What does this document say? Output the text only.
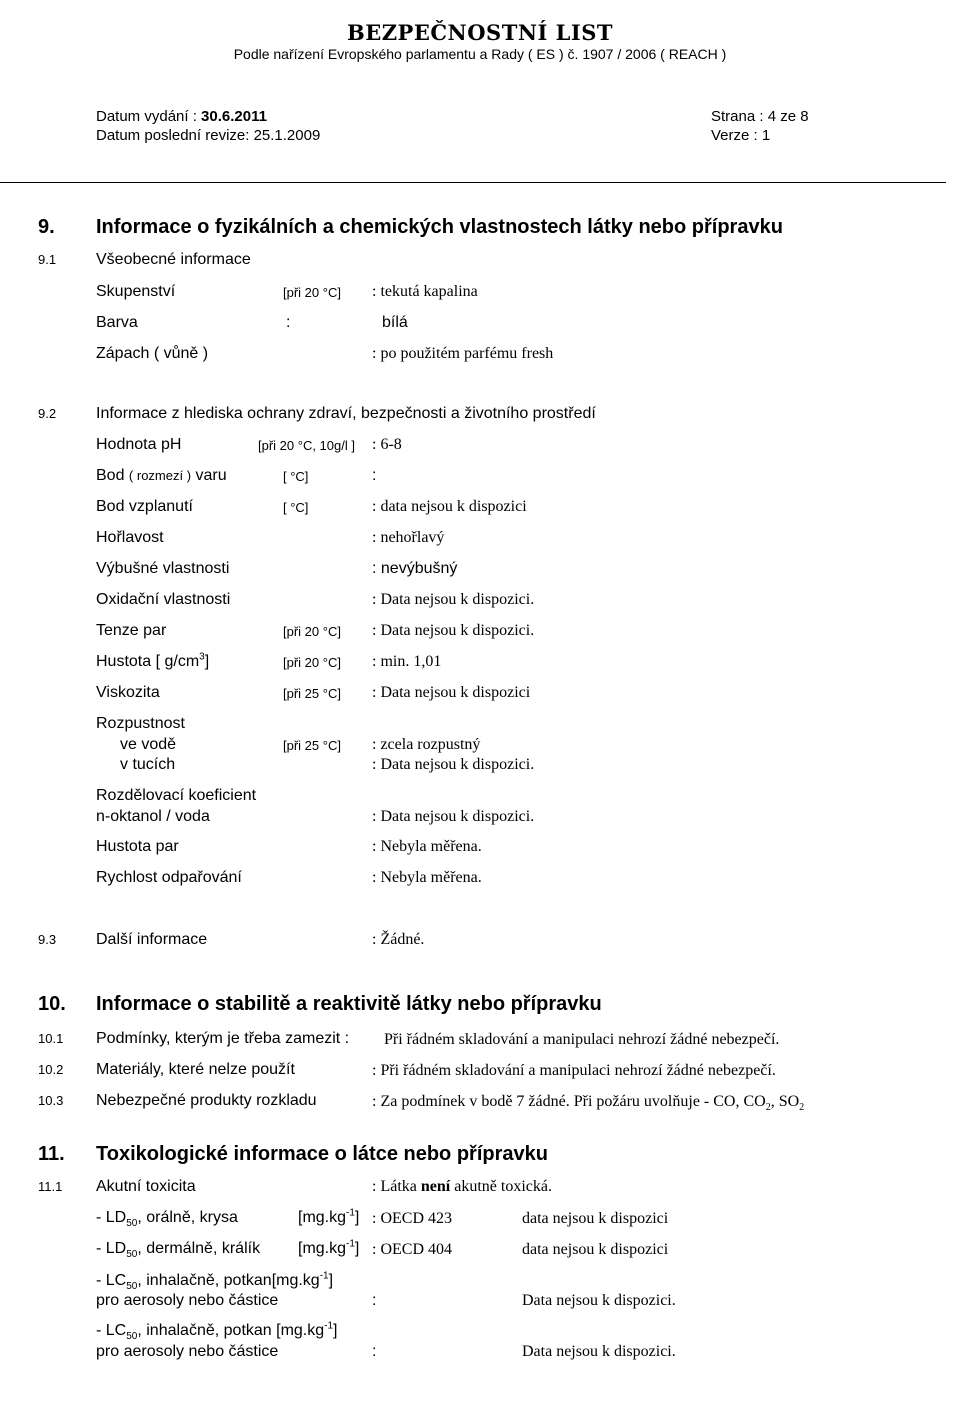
BEZPEČNOSTNÍ LIST
Podle nařízení Evropského parlamentu a Rady ( ES ) č. 1907 / 2006 ( REACH )
Datum vydání : 30.6.2011
Datum poslední revize: 25.1.2009
Strana : 4 ze 8
Verze : 1
9. Informace o fyzikálních a chemických vlastnostech látky nebo přípravku
9.1 Všeobecné informace
Skupenství	[při 20 °C] : tekutá kapalina
Barva	:	bílá
Zápach ( vůně )	: po použitém parfému fresh
9.2 Informace z hlediska ochrany zdraví, bezpečnosti a životního prostředí
Hodnota pH	[při 20 °C, 10g/l ] : 6-8
Bod ( rozmezí ) varu	[ °C]	:
Bod vzplanutí	[ °C]	: data nejsou k dispozici
Hořlavost	: nehořlavý
Výbušné vlastnosti	: nevýbušný
Oxidační vlastnosti	: Data nejsou k dispozici.
Tenze par	[při 20 °C] : Data nejsou k dispozici.
Hustota [ $g/cm^3$]	[při 20 °C] : min. 1,01
Viskozita	[při 25 °C] : Data nejsou k dispozici
Rozpustnost
ve vodě	[při 25 °C] : zcela rozpustný
v tucích	: Data nejsou k dispozici.
Rozdělovací koeficient
n-oktanol / voda	: Data nejsou k dispozici.
Hustota par	: Nebyla měřena.
Rychlost odpařování	: Nebyla měřena.
9.3 Další informace	: Žádné.
10. Informace o stabilitě a reaktivitě látky nebo přípravku
10.1 Podmínky, kterým je třeba zamezit : Při řádném skladování a manipulaci nehrozí žádné nebezpečí.
10.2 Materiály, které nelze použít	: Při řádném skladování a manipulaci nehrozí žádné nebezpečí.
10.3 Nebezpečné produkty rozkladu	: Za podmínek v bodě 7 žádné. Při požáru uvolňuje - CO, $CO_2$, $SO_2$
11. Toxikologické informace o látce nebo přípravku
11.1 Akutní toxicita	: Látka není akutně toxická.
- $LD_{50}$, orálně, krysa	$[mg.kg^{-1}]$ : OECD 423	data nejsou k dispozici
- $LD_{50}$, dermálně, králík $[mg.kg^{-1}]$ : OECD 404	data nejsou k dispozici
- $LC_{50}$, inhalačně, $potkan[mg.kg^{-1}]$
pro aerosoly nebo částice	:	Data nejsou k dispozici.
- $LC_{50}$, inhalačně, potkan $[mg.kg^{-1}]$
pro aerosoly nebo částice	:	Data nejsou k dispozici.
